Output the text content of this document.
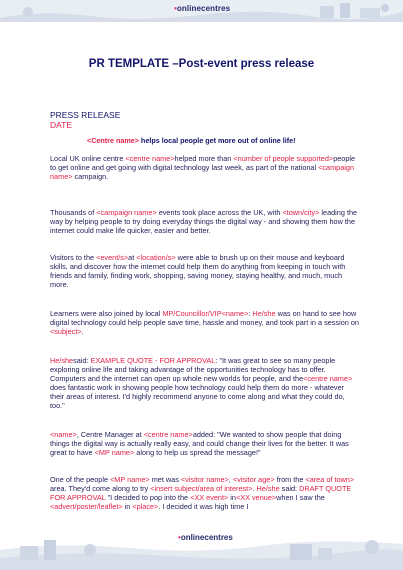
•onlinecentres
PR TEMPLATE –Post-event press release
PRESS RELEASE
DATE
<Centre name> helps local people get more out of online life!
Local UK online centre <centre name>helped more than <number of people supported>people to get online and get going with digital technology last week, as part of the national <campaign name> campaign.
Thousands of <campaign name> events took place across the UK, with <town/city> leading the way by helping people to try doing everyday things the digital way - and showing them how the internet could make life quicker, easier and better.
Visitors to the <event/s>at <location/s> were able to brush up on their mouse and keyboard skills, and discover how the internet could help them do anything from keeping in touch with friends and family, finding work, shopping, saving money, staying healthy, and much, much more.
Learners were also joined by local MP/Councillor/VIP<name>: He/she was on hand to see how digital technology could help people save time, hassle and money, and took part in a session on <subject>.
He/shesaid: EXAMPLE QUOTE - FOR APPROVAL: "It was great to see so many people exploring online life and taking advantage of the opportunities technology has to offer. Computers and the internet can open up whole new worlds for people, and the<centre name> does fantastic work in showing people how technology could help them do more - whatever their areas of interest. I'd highly recommend anyone to come along and what they could do, too."
<name>, Centre Manager at <centre name>added: "We wanted to show people that doing things the digital way is actually really easy, and could change their lives for the better. It was great to have <MP name> along to help us spread the message!"
One of the people <MP name> met was <visitor name>, <visitor age> from the <area of town> area. They'd come along to try <insert subject/area of interest>. He/she said: DRAFT QUOTE FOR APPROVAL "I decided to pop into the <XX event> in<XX venue>when I saw the <advert/poster/leaflet> in <place>. I decided it was high time I
•onlinecentres
